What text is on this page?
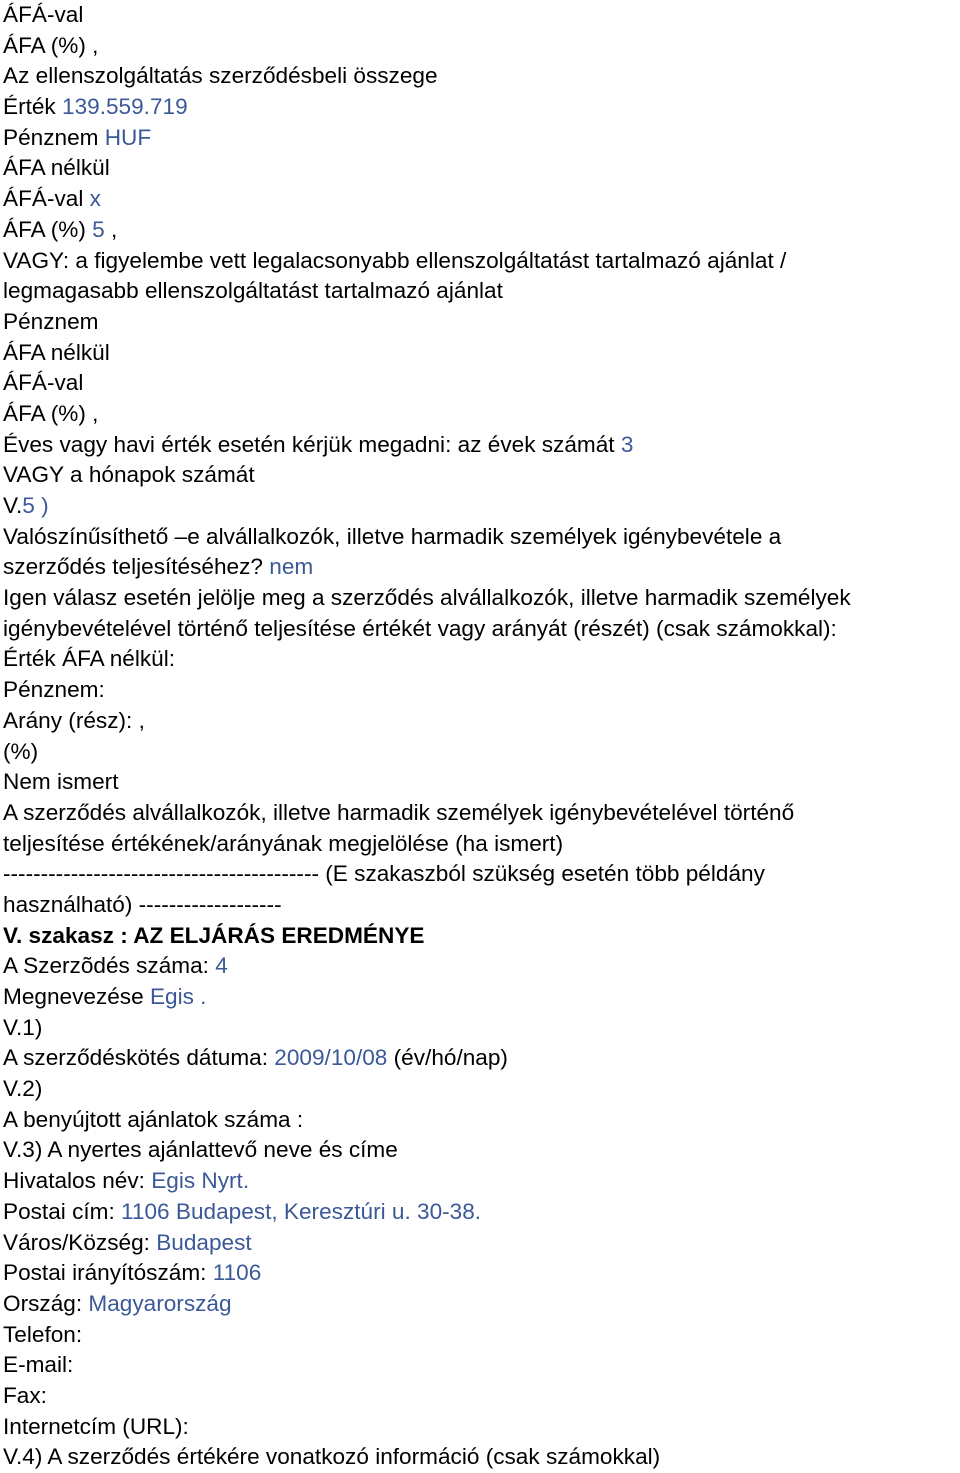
ÁFÁ-val
ÁFA (%) ,
Az ellenszolgáltatás szerződésbeli összege
Érték 139.559.719
Pénznem HUF
ÁFA nélkül
ÁFÁ-val x
ÁFA (%) 5 ,
VAGY: a figyelembe vett legalacsonyabb ellenszolgáltatást tartalmazó ajánlat /
legmagasabb ellenszolgáltatást tartalmazó ajánlat
Pénznem
ÁFA nélkül
ÁFÁ-val
ÁFA (%) ,
Éves vagy havi érték esetén kérjük megadni: az évek számát 3
VAGY a hónapok számát
V.5 )
Valószínűsíthető –e alvállalkozók, illetve harmadik személyek igénybevétele a
szerződés teljesítéséhez? nem
Igen válasz esetén jelölje meg a szerződés alvállalkozók, illetve harmadik személyek
igénybevételével történő teljesítése értékét vagy arányát (részét) (csak számokkal):
Érték ÁFA nélkül:
Pénznem:
Arány (rész): ,
(%)
Nem ismert
A szerződés alvállalkozók, illetve harmadik személyek igénybevételével történő
teljesítése értékének/arányának megjelölése (ha ismert)
------------------------------------------ (E szakaszból szükség esetén több példány
használható) -------------------
V. szakasz : AZ ELJÁRÁS EREDMÉNYE
A Szerzõdés száma: 4
Megnevezése Egis .
V.1)
A szerződéskötés dátuma: 2009/10/08 (év/hó/nap)
V.2)
A benyújtott ajánlatok száma :
V.3) A nyertes ajánlattevő neve és címe
Hivatalos név: Egis Nyrt.
Postai cím: 1106 Budapest, Keresztúri u. 30-38.
Város/Község: Budapest
Postai irányítószám: 1106
Ország: Magyarország
Telefon:
E-mail:
Fax:
Internetcím (URL):
V.4) A szerződés értékére vonatkozó információ (csak számokkal)
